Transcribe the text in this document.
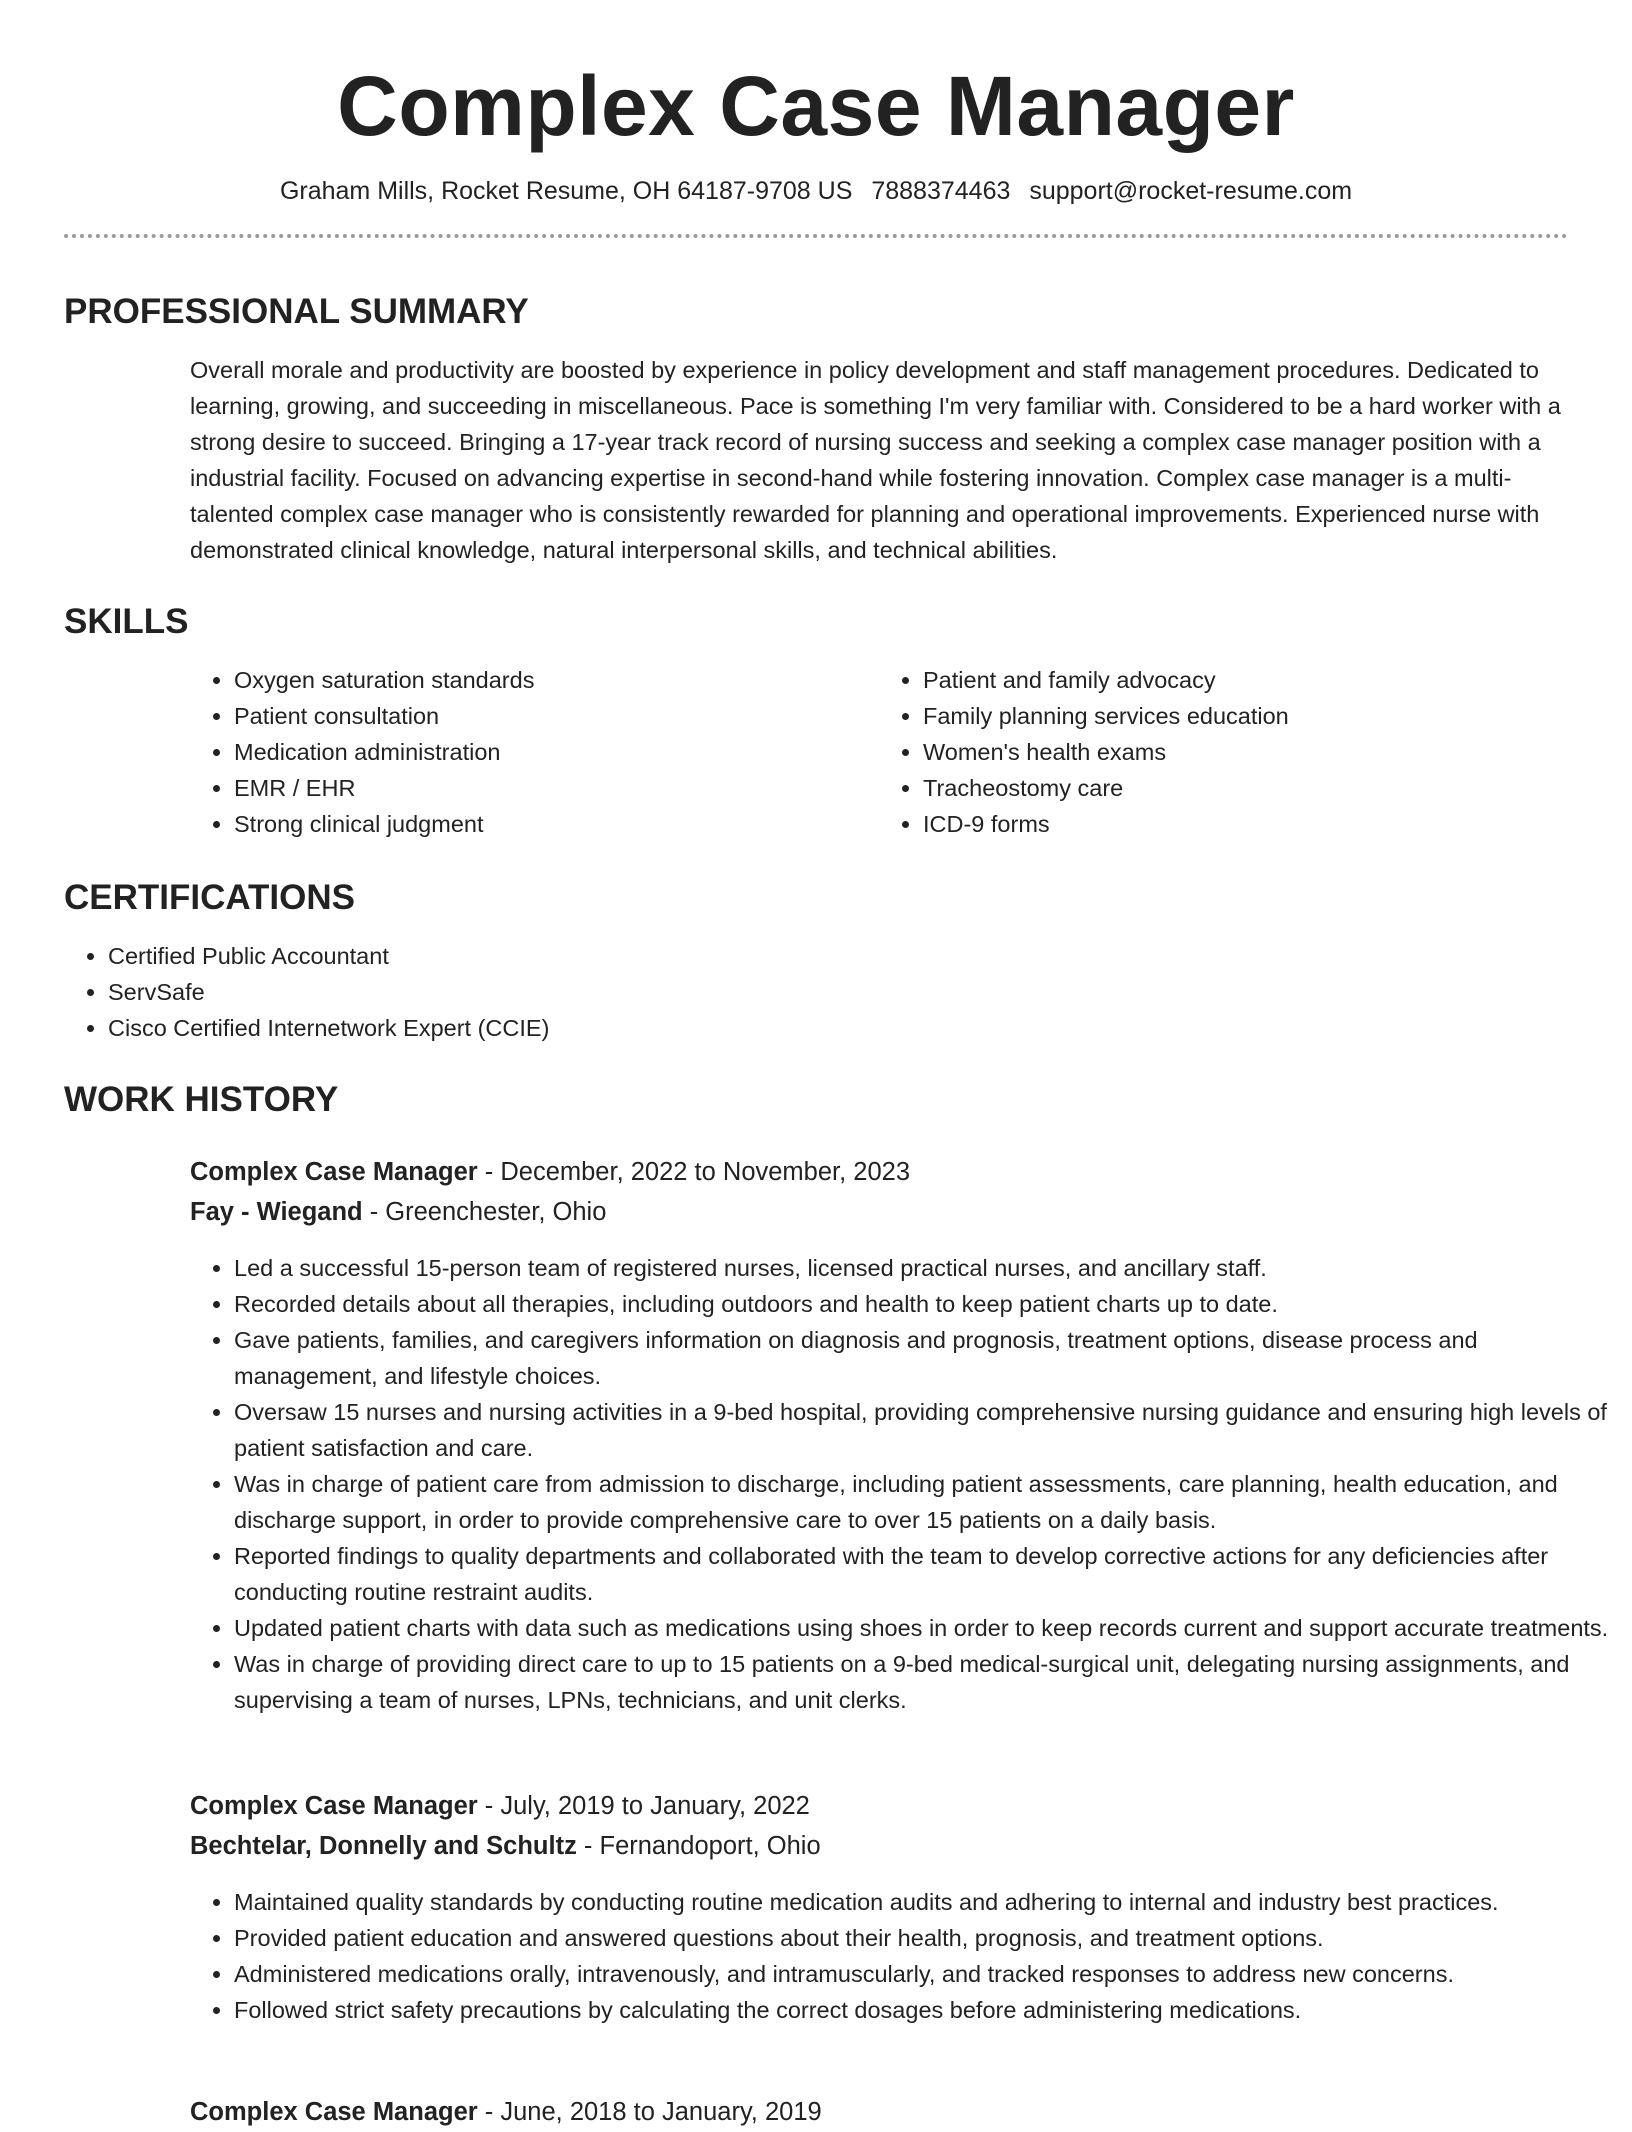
Complex Case Manager
Graham Mills, Rocket Resume, OH 64187-9708 US 7888374463 support@rocket-resume.com
PROFESSIONAL SUMMARY
Overall morale and productivity are boosted by experience in policy development and staff management procedures. Dedicated to learning, growing, and succeeding in miscellaneous. Pace is something I'm very familiar with. Considered to be a hard worker with a strong desire to succeed. Bringing a 17-year track record of nursing success and seeking a complex case manager position with a industrial facility. Focused on advancing expertise in second-hand while fostering innovation. Complex case manager is a multi-talented complex case manager who is consistently rewarded for planning and operational improvements. Experienced nurse with demonstrated clinical knowledge, natural interpersonal skills, and technical abilities.
SKILLS
• Oxygen saturation standards
• Patient consultation
• Medication administration
• EMR / EHR
• Strong clinical judgment
• Patient and family advocacy
• Family planning services education
• Women's health exams
• Tracheostomy care
• ICD-9 forms
CERTIFICATIONS
• Certified Public Accountant
• ServSafe
• Cisco Certified Internetwork Expert (CCIE)
WORK HISTORY
Complex Case Manager - December, 2022 to November, 2023
Fay - Wiegand - Greenchester, Ohio
• Led a successful 15-person team of registered nurses, licensed practical nurses, and ancillary staff.
• Recorded details about all therapies, including outdoors and health to keep patient charts up to date.
• Gave patients, families, and caregivers information on diagnosis and prognosis, treatment options, disease process and management, and lifestyle choices.
• Oversaw 15 nurses and nursing activities in a 9-bed hospital, providing comprehensive nursing guidance and ensuring high levels of patient satisfaction and care.
• Was in charge of patient care from admission to discharge, including patient assessments, care planning, health education, and discharge support, in order to provide comprehensive care to over 15 patients on a daily basis.
• Reported findings to quality departments and collaborated with the team to develop corrective actions for any deficiencies after conducting routine restraint audits.
• Updated patient charts with data such as medications using shoes in order to keep records current and support accurate treatments.
• Was in charge of providing direct care to up to 15 patients on a 9-bed medical-surgical unit, delegating nursing assignments, and supervising a team of nurses, LPNs, technicians, and unit clerks.
Complex Case Manager - July, 2019 to January, 2022
Bechtelar, Donnelly and Schultz - Fernandoport, Ohio
• Maintained quality standards by conducting routine medication audits and adhering to internal and industry best practices.
• Provided patient education and answered questions about their health, prognosis, and treatment options.
• Administered medications orally, intravenously, and intramuscularly, and tracked responses to address new concerns.
• Followed strict safety precautions by calculating the correct dosages before administering medications.
Complex Case Manager - June, 2018 to January, 2019
